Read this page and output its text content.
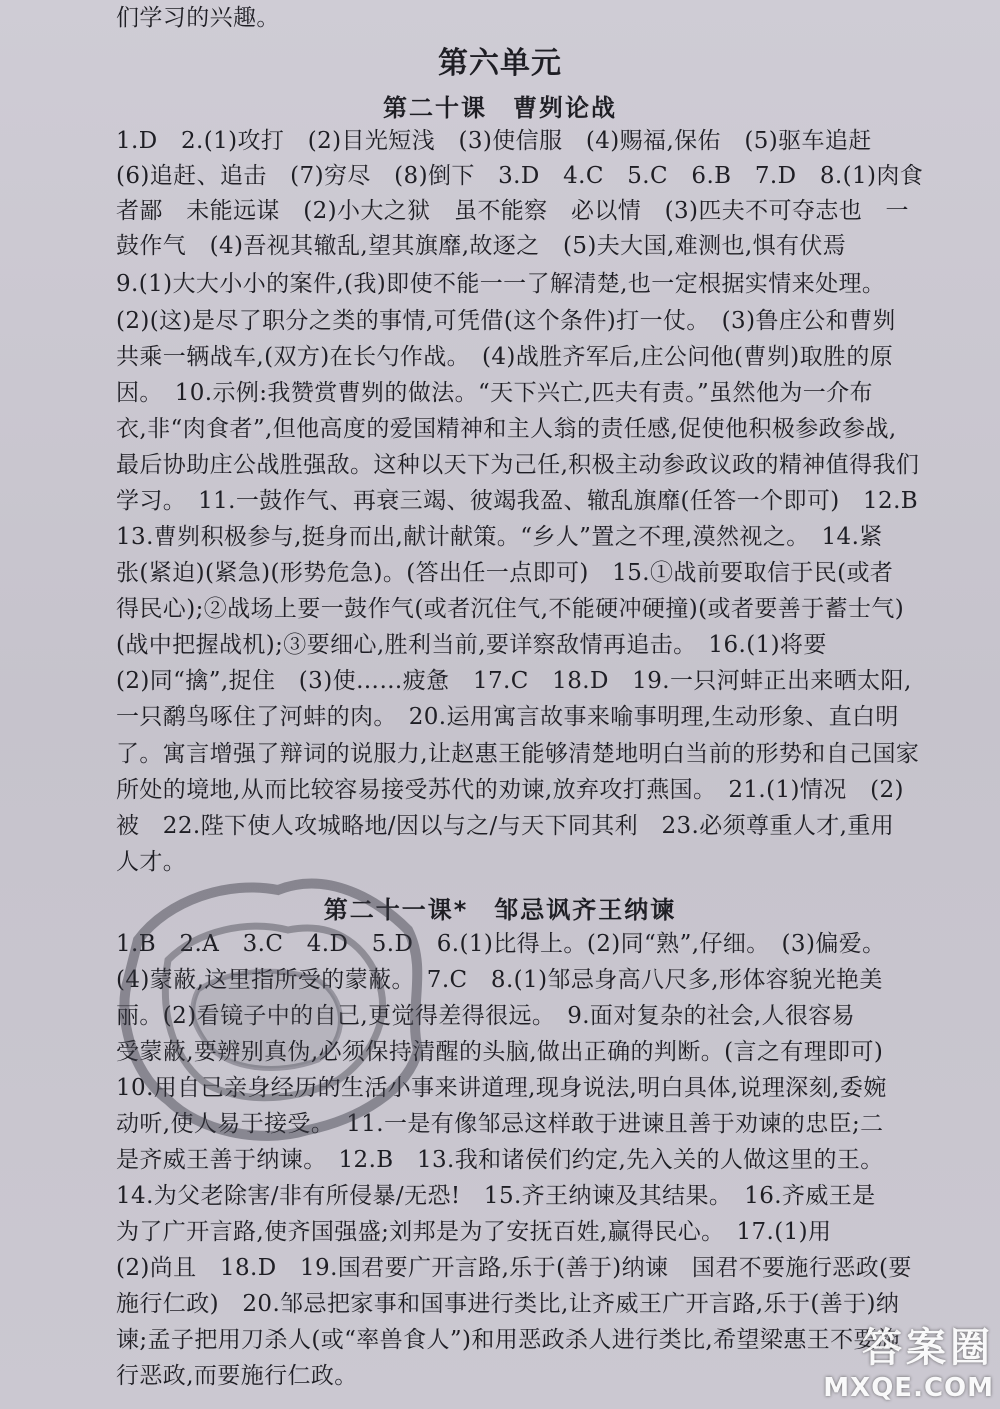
们学习的兴趣。
第六单元
第二十课　曹刿论战
1.D　2.(1)攻打　(2)目光短浅　(3)使信服　(4)赐福,保佑　(5)驱车追赶
(6)追赶、追击　(7)穷尽　(8)倒下　3.D　4.C　5.C　6.B　7.D　8.(1)肉食
者鄙　未能远谋　(2)小大之狱　虽不能察　必以情　(3)匹夫不可夺志也　一
鼓作气　(4)吾视其辙乱,望其旗靡,故逐之　(5)夫大国,难测也,惧有伏焉
9.(1)大大小小的案件,(我)即使不能一一了解清楚,也一定根据实情来处理。
(2)(这)是尽了职分之类的事情,可凭借(这个条件)打一仗。　(3)鲁庄公和曹刿
共乘一辆战车,(双方)在长勺作战。　(4)战胜齐军后,庄公问他(曹刿)取胜的原
因。　10.示例:我赞赏曹刿的做法。“天下兴亡,匹夫有责。”虽然他为一介布
衣,非“肉食者”,但他高度的爱国精神和主人翁的责任感,促使他积极参政参战,
最后协助庄公战胜强敌。这种以天下为己任,积极主动参政议政的精神值得我们
学习。　11.一鼓作气、再衰三竭、彼竭我盈、辙乱旗靡(任答一个即可)　12.B
13.曹刿积极参与,挺身而出,献计献策。“乡人”置之不理,漠然视之。　14.紧
张(紧迫)(紧急)(形势危急)。(答出任一点即可)　15.①战前要取信于民(或者
得民心);②战场上要一鼓作气(或者沉住气,不能硬冲硬撞)(或者要善于蓄士气)
(战中把握战机);③要细心,胜利当前,要详察敌情再追击。　16.(1)将要
(2)同“擒”,捉住　(3)使……疲惫　17.C　18.D　19.一只河蚌正出来晒太阳,
一只鹬鸟啄住了河蚌的肉。　20.运用寓言故事来喻事明理,生动形象、直白明
了。寓言增强了辩词的说服力,让赵惠王能够清楚地明白当前的形势和自己国家
所处的境地,从而比较容易接受苏代的劝谏,放弃攻打燕国。　21.(1)情况　(2)
被　22.陛下使人攻城略地/因以与之/与天下同其利　23.必须尊重人才,重用
人才。
第二十一课*　邹忌讽齐王纳谏
1.B　2.A　3.C　4.D　5.D　6.(1)比得上。(2)同“熟”,仔细。　(3)偏爱。
(4)蒙蔽,这里指所受的蒙蔽。　7.C　8.(1)邹忌身高八尺多,形体容貌光艳美
丽。(2)看镜子中的自己,更觉得差得很远。　9.面对复杂的社会,人很容易
受蒙蔽,要辨别真伪,必须保持清醒的头脑,做出正确的判断。(言之有理即可)
10.用自己亲身经历的生活小事来讲道理,现身说法,明白具体,说理深刻,委婉
动听,使人易于接受。　11.一是有像邹忌这样敢于进谏且善于劝谏的忠臣;二
是齐威王善于纳谏。　12.B　13.我和诸侯们约定,先入关的人做这里的王。
14.为父老除害/非有所侵暴/无恐!　15.齐王纳谏及其结果。　16.齐威王是
为了广开言路,使齐国强盛;刘邦是为了安抚百姓,赢得民心。　17.(1)用
(2)尚且　18.D　19.国君要广开言路,乐于(善于)纳谏　国君不要施行恶政(要
施行仁政)　20.邹忌把家事和国事进行类比,让齐威王广开言路,乐于(善于)纳
谏;孟子把用刀杀人(或“率兽食人”)和用恶政杀人进行类比,希望梁惠王不要施
行恶政,而要施行仁政。
答案圈
MXQE.COM
